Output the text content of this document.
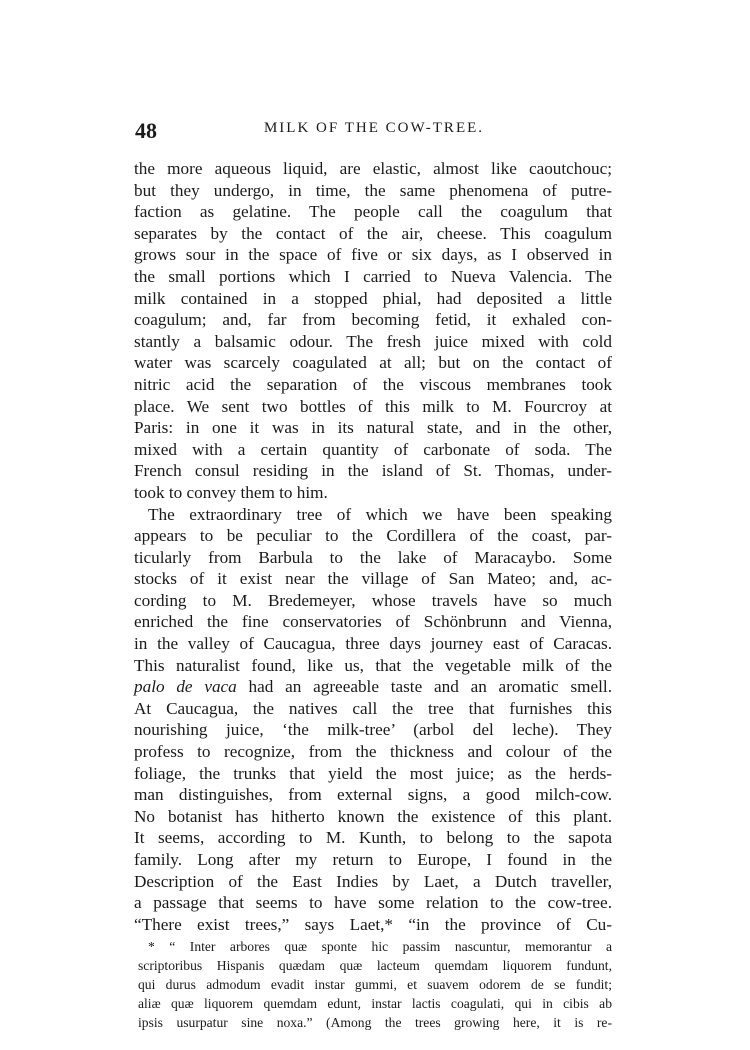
48	MILK OF THE COW-TREE.
the more aqueous liquid, are elastic, almost like caoutchouc;
but they undergo, in time, the same phenomena of putre-
faction as gelatine. The people call the coagulum that
separates by the contact of the air, cheese. This coagulum
grows sour in the space of five or six days, as I observed in
the small portions which I carried to Nueva Valencia. The
milk contained in a stopped phial, had deposited a little
coagulum; and, far from becoming fetid, it exhaled con-
stantly a balsamic odour. The fresh juice mixed with cold
water was scarcely coagulated at all; but on the contact of
nitric acid the separation of the viscous membranes took
place. We sent two bottles of this milk to M. Fourcroy at
Paris: in one it was in its natural state, and in the other,
mixed with a certain quantity of carbonate of soda. The
French consul residing in the island of St. Thomas, under-
took to convey them to him.
The extraordinary tree of which we have been speaking
appears to be peculiar to the Cordillera of the coast, par-
ticularly from Barbula to the lake of Maracaybo. Some
stocks of it exist near the village of San Mateo; and, ac-
cording to M. Bredemeyer, whose travels have so much
enriched the fine conservatories of Schönbrunn and Vienna,
in the valley of Caucagua, three days journey east of Caracas.
This naturalist found, like us, that the vegetable milk of the
palo de vaca had an agreeable taste and an aromatic smell.
At Caucagua, the natives call the tree that furnishes this
nourishing juice, ‘the milk-tree’ (arbol del leche). They
profess to recognize, from the thickness and colour of the
foliage, the trunks that yield the most juice; as the herds-
man distinguishes, from external signs, a good milch-cow.
No botanist has hitherto known the existence of this plant.
It seems, according to M. Kunth, to belong to the sapota
family. Long after my return to Europe, I found in the
Description of the East Indies by Laet, a Dutch traveller,
a passage that seems to have some relation to the cow-tree.
“There exist trees,” says Laet,* “in the province of Cu-
* “ Inter arbores quæ sponte hic passim nascuntur, memorantur a
scriptoribus Hispanis quædam quæ lacteum quemdam liquorem fundunt,
qui durus admodum evadit instar gummi, et suavem odorem de se fundit;
aliæ quæ liquorem quemdam edunt, instar lactis coagulati, qui in cibis ab
ipsis usurpatur sine noxa.” (Among the trees growing here, it is re-
